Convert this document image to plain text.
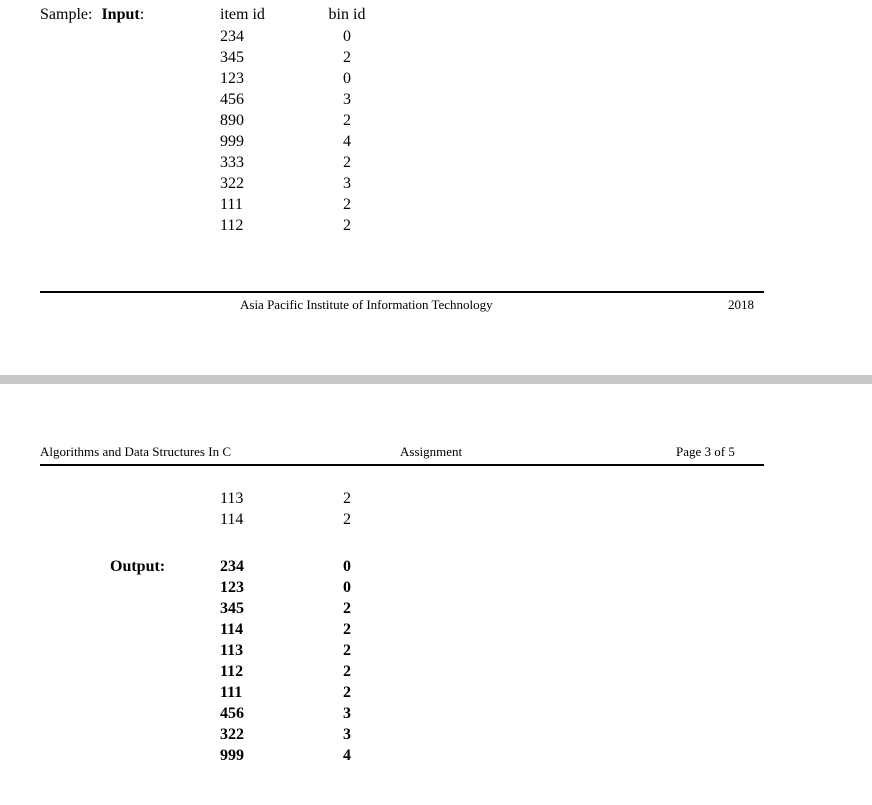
Sample: Input:	item id	bin id
234	0
345	2
123	0
456	3
890	2
999	4
333	2
322	3
111	2
112	2
Asia Pacific Institute of Information Technology	2018
Algorithms and Data Structures In C	Assignment	Page 3 of 5
113	2
114	2
Output:	234	0
123	0
345	2
114	2
113	2
112	2
111	2
456	3
322	3
999	4
